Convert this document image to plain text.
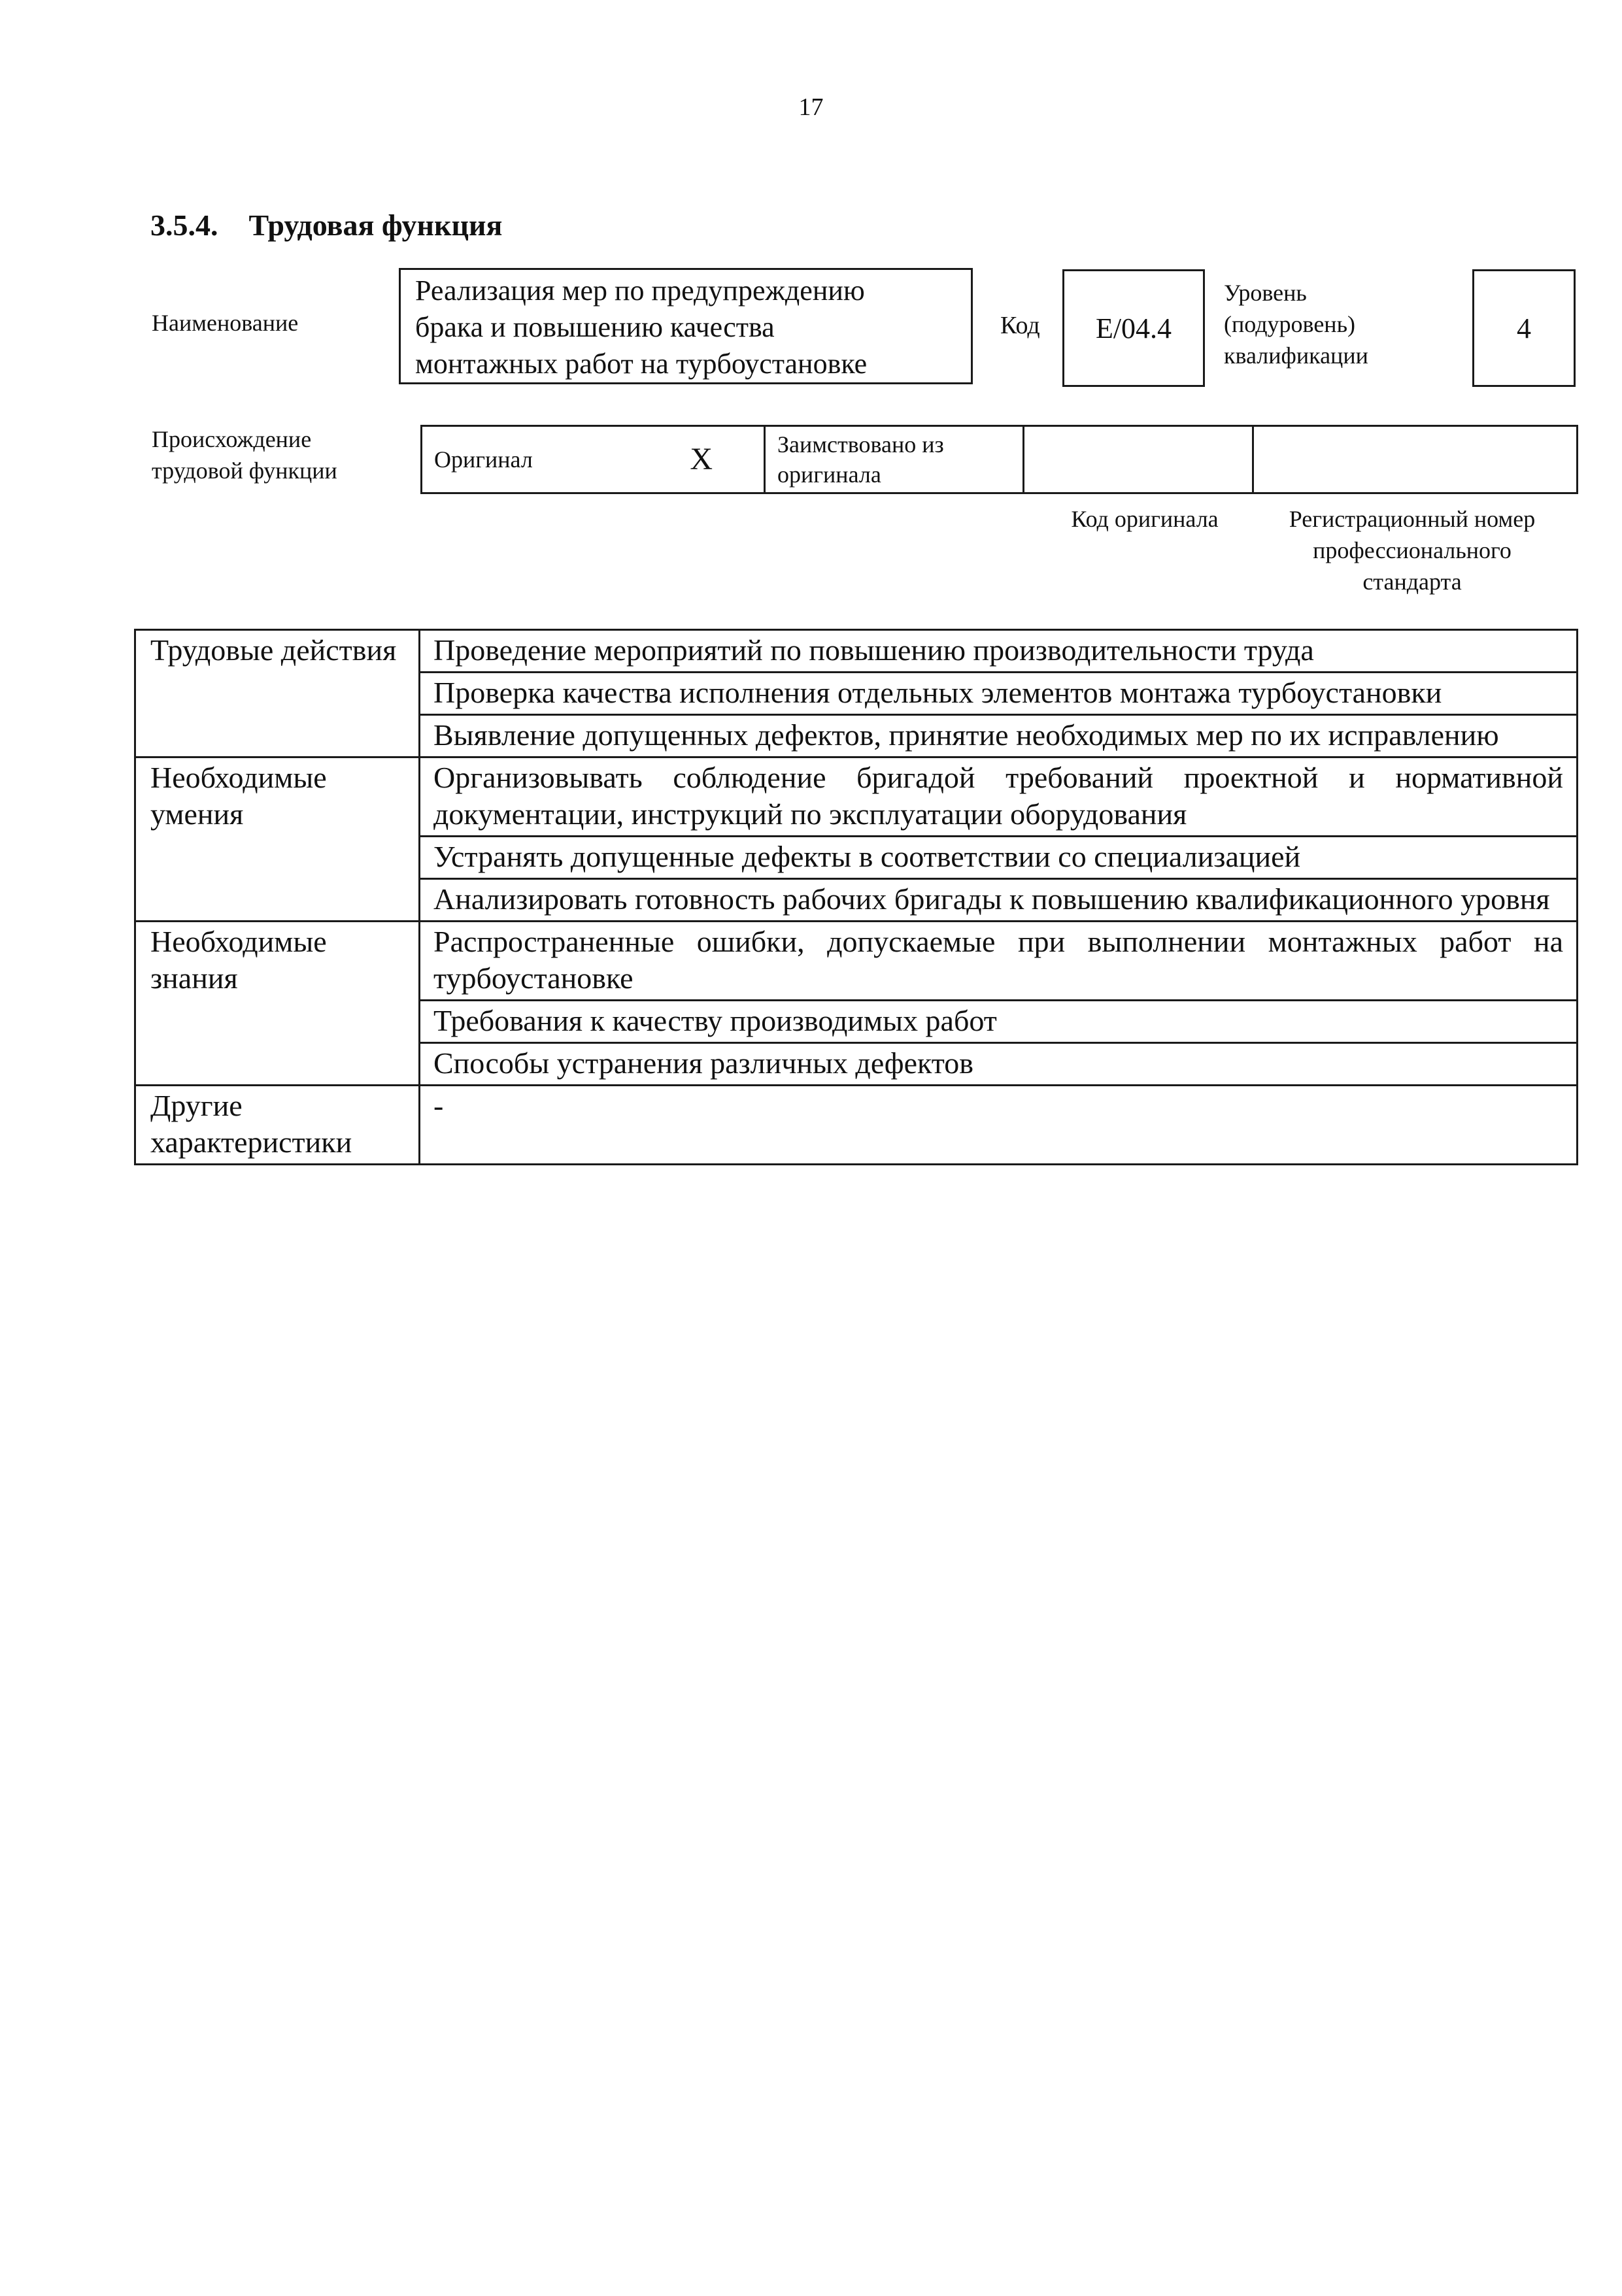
17
3.5.4. Трудовая функция
Наименование
Реализация мер по предупреждению
брака и повышению качества
монтажных работ на турбоустановке
Код E/04.4
Уровень
(подуровень)
квалификации
4
Происхождение
трудовой функции	Оригинал	X	Заимствовано из
оригинала

Код оригинала	Регистрационный номер
профессионального
стандарта
Трудовые действия	Проведение мероприятий по повышению производительности труда
	Проверка качества исполнения отдельных элементов монтажа турбоустановки
	Выявление допущенных дефектов, принятие необходимых мер по их исправлению
Необходимые умения	Организовывать соблюдение бригадой требований проектной и нормативной документации, инструкций по эксплуатации оборудования
	Устранять допущенные дефекты в соответствии со специализацией
	Анализировать готовность рабочих бригады к повышению квалификационного уровня
Необходимые знания	Распространенные ошибки, допускаемые при выполнении монтажных работ на турбоустановке
	Требования к качеству производимых работ
	Способы устранения различных дефектов
Другие характеристики	-
